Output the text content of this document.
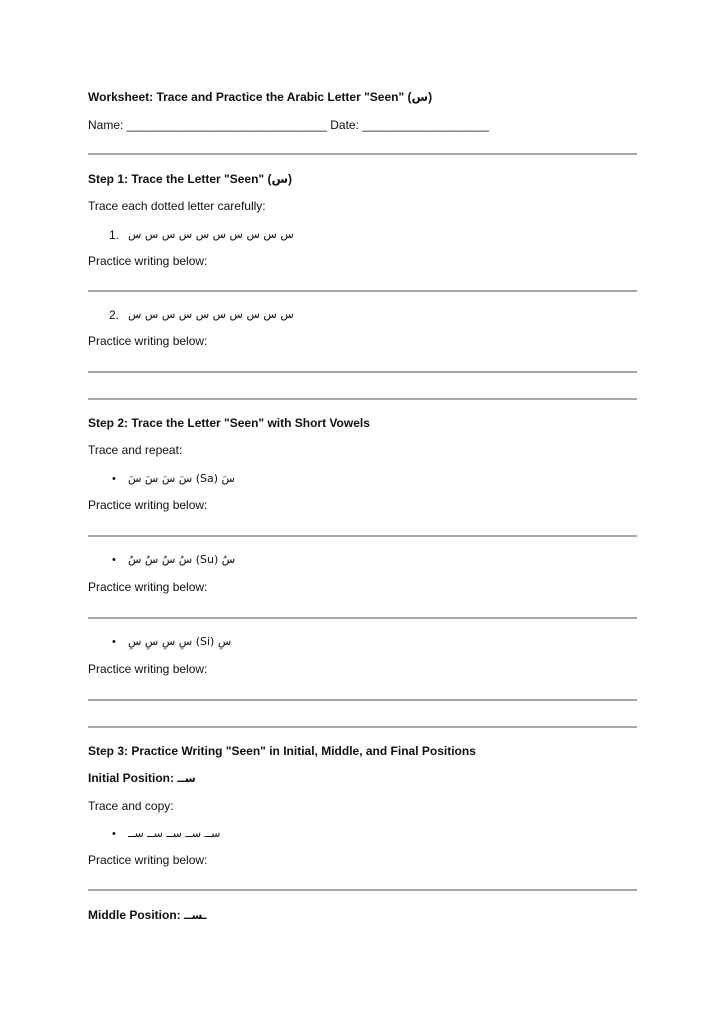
Worksheet: Trace and Practice the Arabic Letter "Seen" (س)
Name: ______________________________ Date: ___________________
Step 1: Trace the Letter "Seen" (س)
Trace each dotted letter carefully:
1. س س س س س س س س س س
Practice writing below:
2. س س س س س س س س س س
Practice writing below:
Step 2: Trace the Letter "Seen" with Short Vowels
Trace and repeat:
• سَ (Sa) سَ سَ سَ سَ
Practice writing below:
• سُ (Su) سُ سُ سُ سُ
Practice writing below:
• سِ (Si) سِ سِ سِ سِ
Practice writing below:
Step 3: Practice Writing "Seen" in Initial, Middle, and Final Positions
Initial Position: ســ
Trace and copy:
• ســ ســ ســ ســ ســ
Practice writing below:
Middle Position: ـســ
